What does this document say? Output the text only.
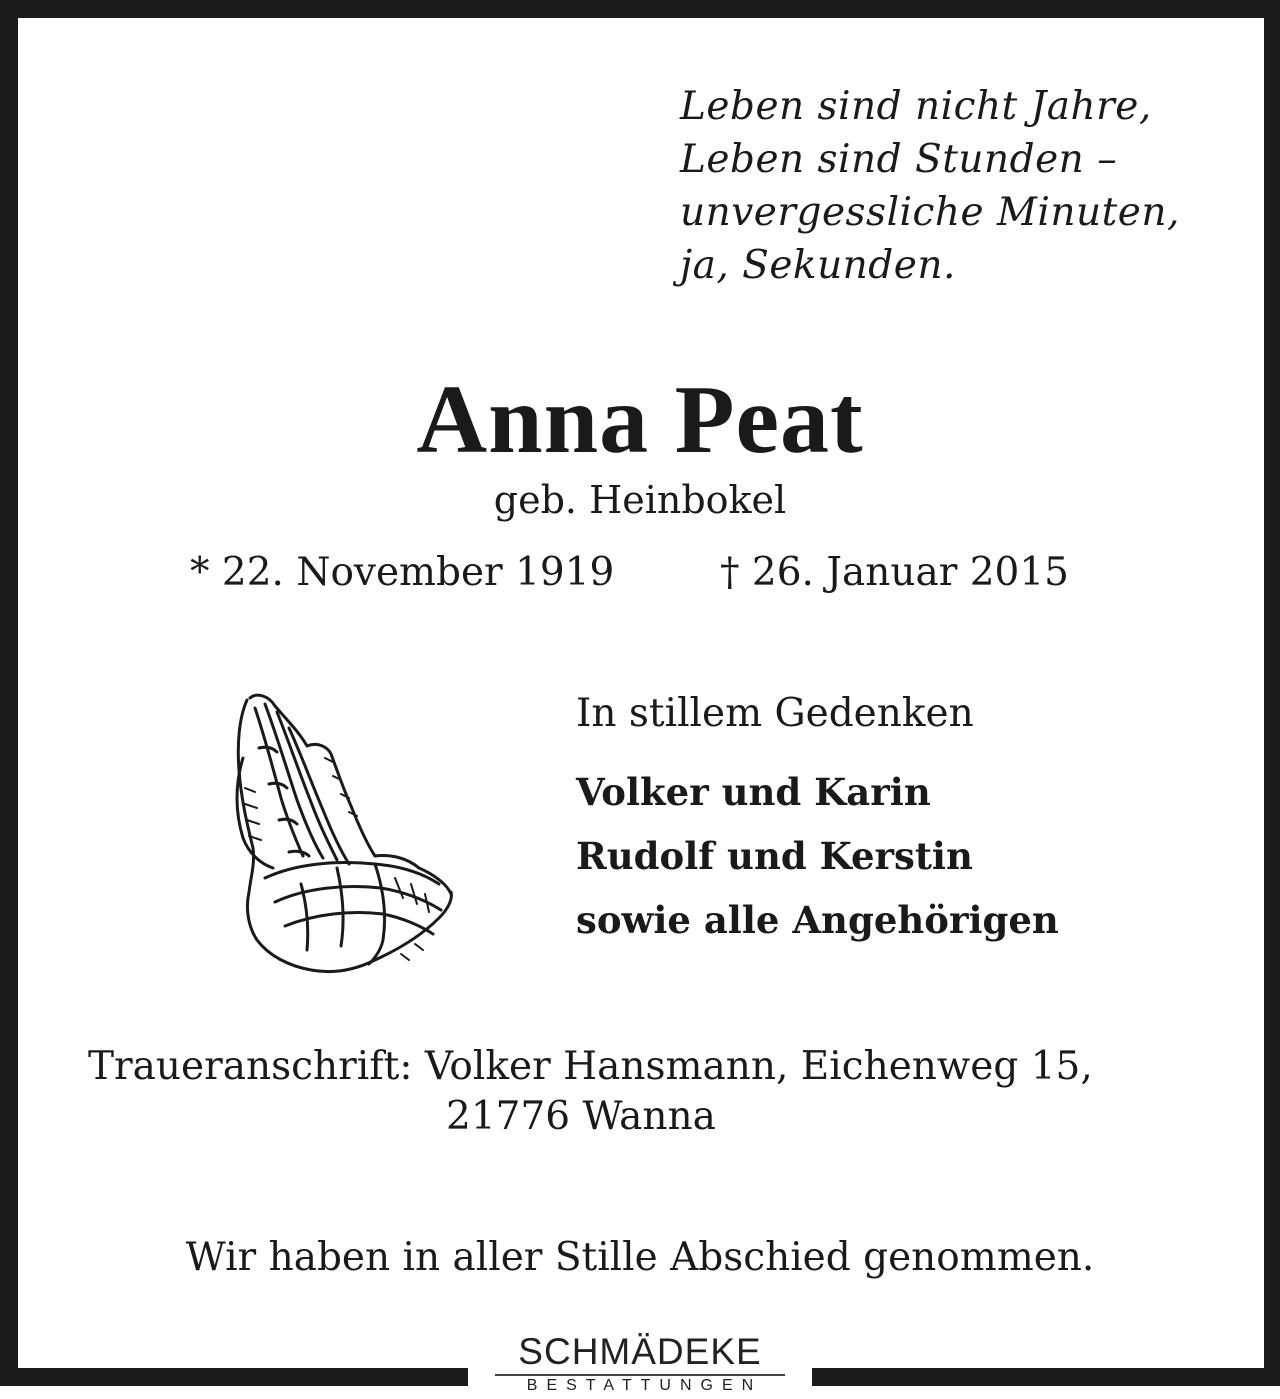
Leben sind nicht Jahre,
Leben sind Stunden –
unvergessliche Minuten,
ja, Sekunden.
Anna Peat
geb. Heinbokel
* 22. November 1919	† 26. Januar 2015
In stillem Gedenken
Volker und Karin
Rudolf und Kerstin
sowie alle Angehörigen
Traueranschrift: Volker Hansmann, Eichenweg 15,
21776 Wanna
Wir haben in aller Stille Abschied genommen.
SCHMÄDEKE
BESTATTUNGEN
